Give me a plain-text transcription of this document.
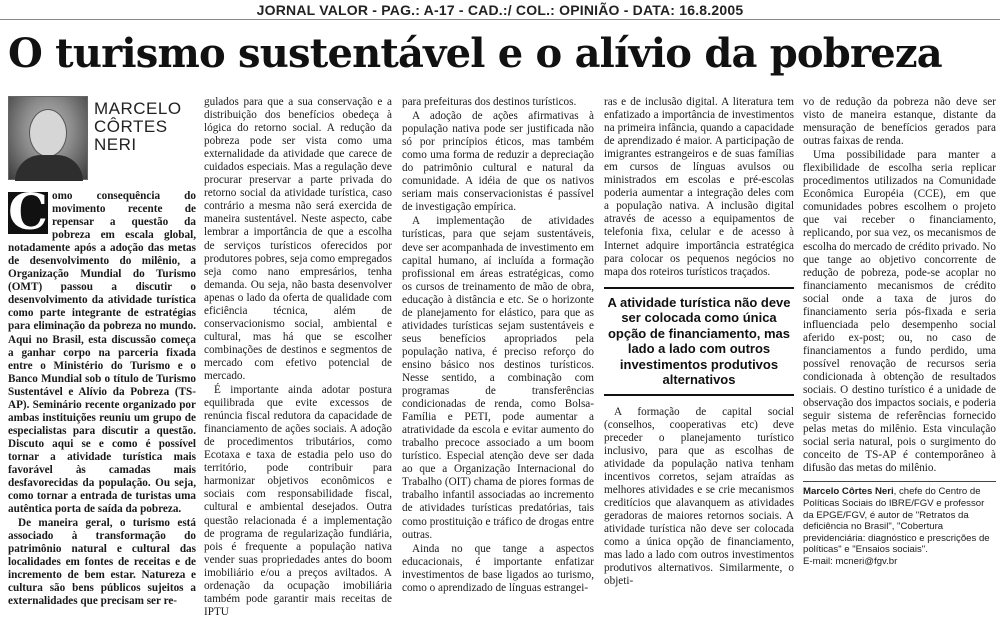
JORNAL VALOR - PAG.: A-17 - CAD.:/ COL.: OPINIÃO - DATA: 16.8.2005
O turismo sustentável e o alívio da pobreza
MARCELO
CÔRTES
NERI

C omo consequência do movimento recente de repensar a questão da pobreza em escala global, notadamente após a adoção das metas de desenvolvimento do milênio, a Organização Mundial do Turismo (OMT) passou a discutir o desenvolvimento da atividade turística como parte integrante de estratégias para eliminação da pobreza no mundo. Aqui no Brasil, esta discussão começa a ganhar corpo na parceria fixada entre o Ministério do Turismo e o Banco Mundial sob o título de Turismo Sustentável e Alívio da Pobreza (TS-AP). Seminário recente organizado por ambas instituições reuniu um grupo de especialistas para discutir a questão. Discuto aqui se e como é possível tornar a atividade turística mais favorável às camadas mais desfavorecidas da população. Ou seja, como tornar a entrada de turistas uma autêntica porta de saída da pobreza.

De maneira geral, o turismo está associado à transformação do patrimônio natural e cultural das localidades em fontes de receitas e de incremento de bem estar. Natureza e cultura são bens públicos sujeitos a externalidades que precisam ser re-

gulados para que a sua conservação e a distribuição dos benefícios obedeça à lógica do retorno social. A redução da pobreza pode ser vista como uma externalidade da atividade que carece de cuidados especiais. Mas a regulação deve procurar preservar a parte privada do retorno social da atividade turística, caso contrário a mesma não será exercida de maneira sustentável. Neste aspecto, cabe lembrar a importância de que a escolha de serviços turísticos oferecidos por produtores pobres, seja como empregados seja como nano empresários, tenha demanda. Ou seja, não basta desenvolver apenas o lado da oferta de qualidade com eficiência técnica, além de conservacionismo social, ambiental e cultural, mas há que se escolher combinações de destinos e segmentos de mercado com efetivo potencial de mercado.

É importante ainda adotar postura equilibrada que evite excessos de renúncia fiscal redutora da capacidade de financiamento de ações sociais. A adoção de procedimentos tributários, como Ecotaxa e taxa de estadia pelo uso do território, pode contribuir para harmonizar objetivos econômicos e sociais com responsabilidade fiscal, cultural e ambiental desejados. Outra questão relacionada é a implementação de programa de regularização fundiária, pois é frequente a população nativa vender suas propriedades antes do boom imobiliário e/ou a preços aviltados. A ordenação da ocupação imobiliária também pode garantir mais receitas de IPTU

para prefeituras dos destinos turísticos.

A adoção de ações afirmativas à população nativa pode ser justificada não só por princípios éticos, mas também como uma forma de reduzir a depreciação do patrimônio cultural e natural da comunidade. A idéia de que os nativos seriam mais conservacionistas é passível de investigação empírica.

A implementação de atividades turísticas, para que sejam sustentáveis, deve ser acompanhada de investimento em capital humano, aí incluída a formação profissional em áreas estratégicas, como os cursos de treinamento de mão de obra, educação à distância e etc. Se o horizonte de planejamento for elástico, para que as atividades turísticas sejam sustentáveis e seus benefícios apropriados pela população nativa, é preciso reforço do ensino básico nos destinos turísticos. Nesse sentido, a combinação com programas de transferências condicionadas de renda, como Bolsa-Família e PETI, pode aumentar a atratividade da escola e evitar aumento do trabalho precoce associado a um boom turístico. Especial atenção deve ser dada ao que a Organização Internacional do Trabalho (OIT) chama de piores formas de trabalho infantil associadas ao incremento de atividades turísticas predatórias, tais como prostituição e tráfico de drogas entre outras.

Ainda no que tange a aspectos educacionais, é importante enfatizar investimentos de base ligados ao turismo, como o aprendizado de línguas estrangei-

ras e de inclusão digital. A literatura tem enfatizado a importância de investimentos na primeira infância, quando a capacidade de aprendizado é maior. A participação de imigrantes estrangeiros e de suas famílias em cursos de línguas avulsos ou ministrados em escolas e pré-escolas poderia aumentar a integração deles com a população nativa. A inclusão digital através de acesso a equipamentos de telefonia fixa, celular e de acesso à Internet adquire importância estratégica para colocar os pequenos negócios no mapa dos roteiros turísticos traçados.

A atividade turística não deve ser colocada como única opção de financiamento, mas lado a lado com outros investimentos produtivos alternativos

A formação de capital social (conselhos, cooperativas etc) deve preceder o planejamento turístico inclusivo, para que as escolhas de atividade da população nativa tenham incentivos corretos, sejam atraídas as melhores atividades e se crie mecanismos creditícios que alavanquem as atividades geradoras de maiores retornos sociais. A atividade turística não deve ser colocada como a única opção de financiamento, mas lado a lado com outros investimentos produtivos alternativos. Similarmente, o objeti-

vo de redução da pobreza não deve ser visto de maneira estanque, distante da mensuração de benefícios gerados para outras faixas de renda.

Uma possibilidade para manter a flexibilidade de escolha seria replicar procedimentos utilizados na Comunidade Econômica Européia (CCE), em que comunidades pobres escolhem o projeto que vai receber o financiamento, replicando, por sua vez, os mecanismos de escolha do mercado de crédito privado. No que tange ao objetivo concorrente de redução de pobreza, pode-se acoplar no financiamento mecanismos de crédito social onde a taxa de juros do financiamento seria pós-fixada e seria influenciada pelo desempenho social aferido ex-post; ou, no caso de financiamentos a fundo perdido, uma possível renovação de recursos seria condicionada à obtenção de resultados sociais. O destino turístico é a unidade de observação dos impactos sociais, e poderia seguir sistema de referências fornecido pelas metas do milênio. Esta vinculação social seria natural, pois o surgimento do conceito de TS-AP é contemporâneo à difusão das metas do milênio.

Marcelo Côrtes Neri, chefe do Centro de Políticas Sociais do IBRE/FGV e professor da EPGE/FGV, é autor de "Retratos da deficiência no Brasil", "Cobertura previdenciária: diagnóstico e prescrições de políticas" e "Ensaios sociais".
E-mail: mcneri@fgv.br
